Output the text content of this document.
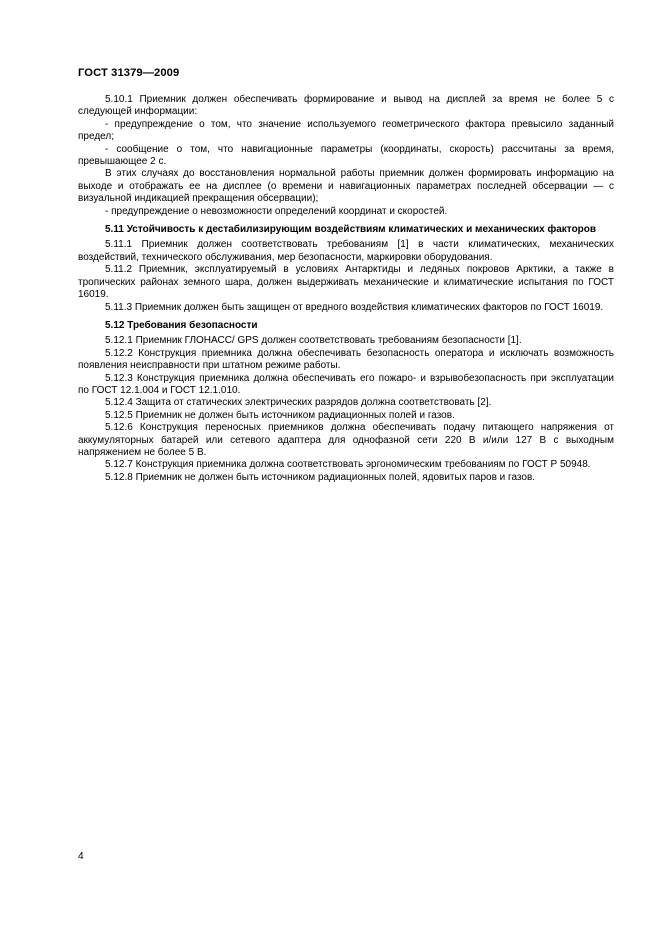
ГОСТ 31379—2009

5.10.1 Приемник должен обеспечивать формирование и вывод на дисплей за время не более 5 с следующей информации:

- предупреждение о том, что значение используемого геометрического фактора превысило заданный предел;

- сообщение о том, что навигационные параметры (координаты, скорость) рассчитаны за время, превышающее 2 с.

В этих случаях до восстановления нормальной работы приемник должен формировать информацию на выходе и отображать ее на дисплее (о времени и навигационных параметрах последней обсервации — с визуальной индикацией прекращения обсервации);

- предупреждение о невозможности определений координат и скоростей.

5.11 Устойчивость к дестабилизирующим воздействиям климатических и механических факторов

5.11.1 Приемник должен соответствовать требованиям [1] в части климатических, механических воздействий, технического обслуживания, мер безопасности, маркировки оборудования.

5.11.2 Приемник, эксплуатируемый в условиях Антарктиды и ледяных покровов Арктики, а также в тропических районах земного шара, должен выдерживать механические и климатические испытания по ГОСТ 16019.

5.11.3 Приемник должен быть защищен от вредного воздействия климатических факторов по ГОСТ 16019.

5.12 Требования безопасности

5.12.1 Приемник ГЛОНАСС/ GPS должен соответствовать требованиям безопасности [1].

5.12.2 Конструкция приемника должна обеспечивать безопасность оператора и исключать возможность появления неисправности при штатном режиме работы.

5.12.3 Конструкция приемника должна обеспечивать его пожаро- и взрывобезопасность при эксплуатации по ГОСТ 12.1.004 и ГОСТ 12.1.010.

5.12.4 Защита от статических электрических разрядов должна соответствовать [2].

5.12.5 Приемник не должен быть источником радиационных полей и газов.

5.12.6 Конструкция переносных приемников должна обеспечивать подачу питающего напряжения от аккумуляторных батарей или сетевого адаптера для однофазной сети 220 В и/или 127 В с выходным напряжением не более 5 В.

5.12.7 Конструкция приемника должна соответствовать эргономическим требованиям по ГОСТ Р 50948.

5.12.8 Приемник не должен быть источником радиационных полей, ядовитых паров и газов.

4
